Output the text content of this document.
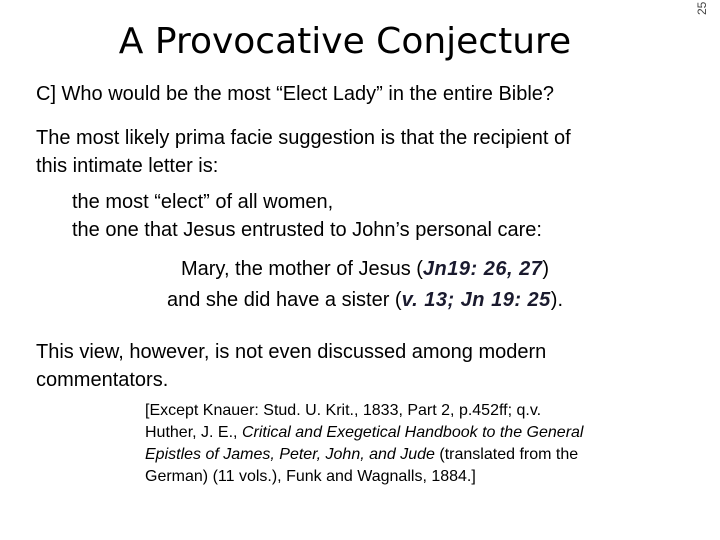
A Provocative Conjecture
25
C] Who would be the most “Elect Lady” in the entire Bible?
The most likely prima facie suggestion is that the recipient of
this intimate letter is:
the most “elect” of all women,
the one that Jesus entrusted to John’s personal care:
Mary, the mother of Jesus (Jn19: 26, 27)
and she did have a sister (v. 13; Jn 19: 25).
This view, however, is not even discussed among modern
commentators.
[Except Knauer: Stud. U. Krit., 1833, Part 2, p.452ff; q.v.
Huther, J. E., Critical and Exegetical Handbook to the General
Epistles of James, Peter, John, and Jude (translated from the
German) (11 vols.), Funk and Wagnalls, 1884.]
